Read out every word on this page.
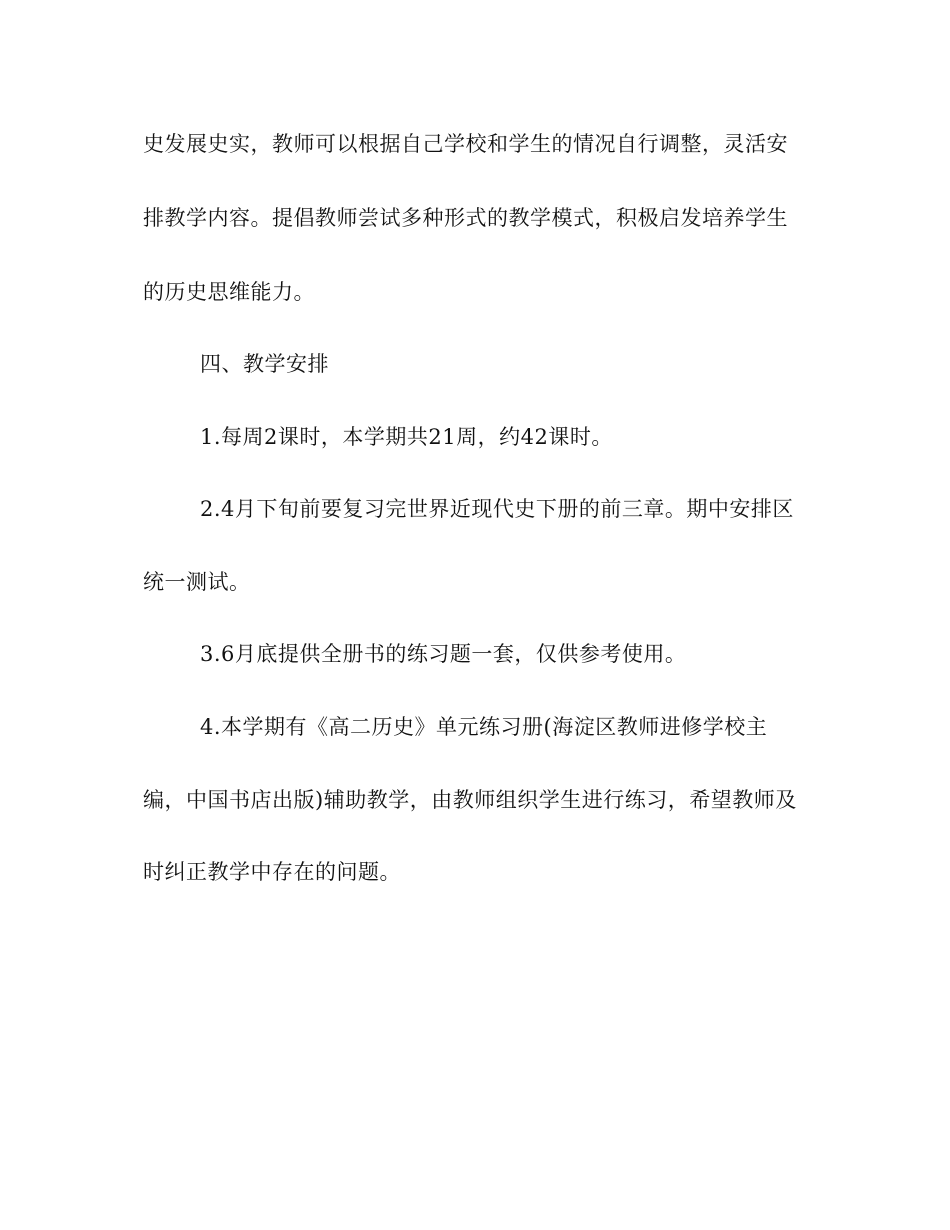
史发展史实，教师可以根据自己学校和学生的情况自行调整，灵活安
排教学内容。提倡教师尝试多种形式的教学模式，积极启发培养学生
的历史思维能力。
四、教学安排
1.每周2课时，本学期共21周，约42课时。
2.4月下旬前要复习完世界近现代史下册的前三章。期中安排区
统一测试。
3.6月底提供全册书的练习题一套，仅供参考使用。
4.本学期有《高二历史》单元练习册(海淀区教师进修学校主
编，中国书店出版)辅助教学，由教师组织学生进行练习，希望教师及
时纠正教学中存在的问题。
